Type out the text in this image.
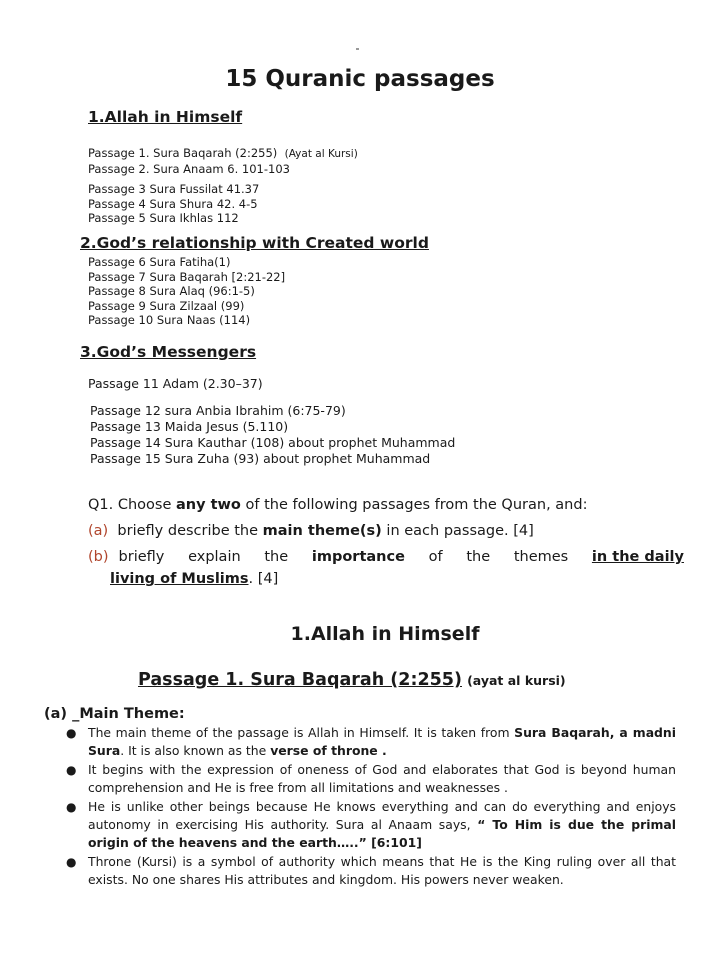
15 Quranic passages
1.Allah in Himself
Passage 1. Sura Baqarah (2:255) (Ayat al Kursi)
Passage 2. Sura Anaam 6. 101-103
Passage 3 Sura Fussilat 41.37
Passage 4 Sura Shura 42. 4-5
Passage 5 Sura Ikhlas 112
2.God’s relationship with Created world
Passage 6 Sura Fatiha(1)
Passage 7 Sura Baqarah [2:21-22]
Passage 8 Sura Alaq (96:1-5)
Passage 9 Sura Zilzaal (99)
Passage 10 Sura Naas (114)
3.God’s Messengers
Passage 11 Adam (2.30–37)
Passage 12 sura Anbia Ibrahim (6:75-79)
Passage 13 Maida Jesus (5.110)
Passage 14 Sura Kauthar (108) about prophet Muhammad
Passage 15 Sura Zuha (93) about prophet Muhammad
Q1. Choose any two of the following passages from the Quran, and:
(a) briefly describe the main theme(s) in each passage. [4]
(b) briefly explain the importance of the themes in the daily
living of Muslims. [4]
1.Allah in Himself
Passage 1. Sura Baqarah (2:255) (ayat al kursi)
(a) _Main Theme:
● The main theme of the passage is Allah in Himself. It is taken from Sura Baqarah, a madni Sura. It is also known as the verse of throne .
● It begins with the expression of oneness of God and elaborates that God is beyond human comprehension and He is free from all limitations and weaknesses .
● He is unlike other beings because He knows everything and can do everything and enjoys autonomy in exercising His authority. Sura al Anaam says, “ To Him is due the primal origin of the heavens and the earth…..” [6:101]
● Throne (Kursi) is a symbol of authority which means that He is the King ruling over all that exists. No one shares His attributes and kingdom. His powers never weaken.
